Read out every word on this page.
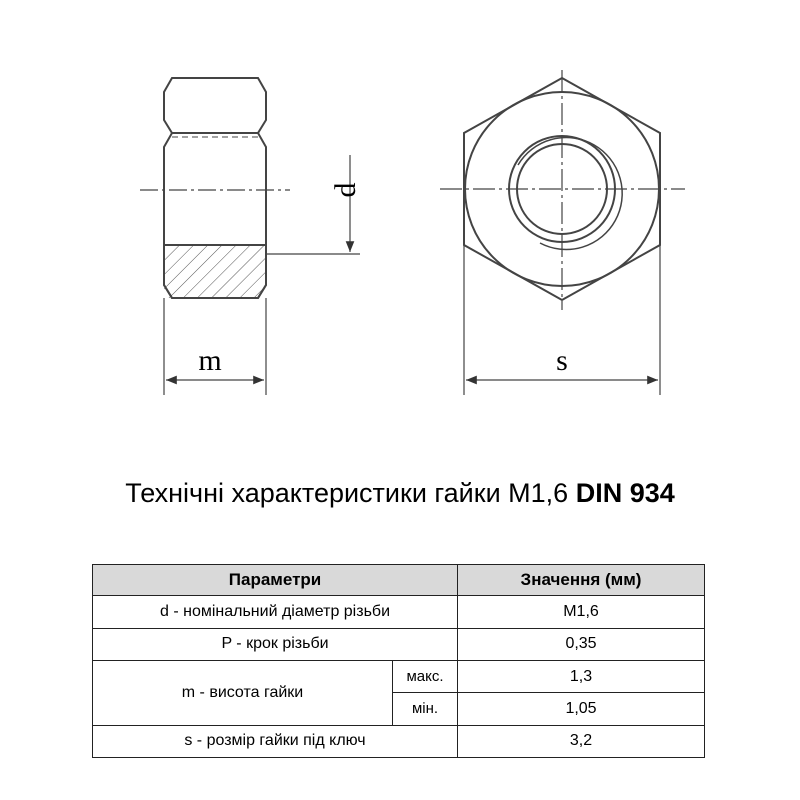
d
m	s
Технічні характеристики гайки М1,6 DIN 934
Параметри		Значення (мм)
d - номінальний діаметр різьби		М1,6
P - крок різьби		0,35
m - висота гайки	макс.	1,3
	мін.	1,05
s - розмір гайки під ключ		3,2
